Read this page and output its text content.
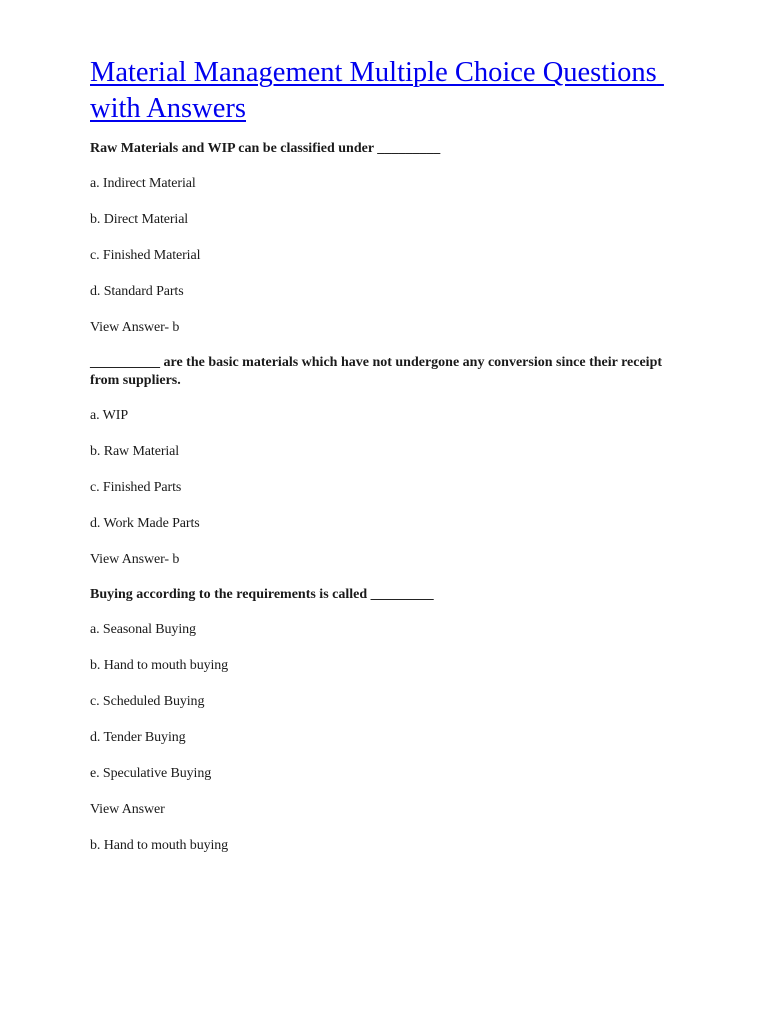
Material Management Multiple Choice Questions with Answers

Raw Materials and WIP can be classified under _________

a. Indirect Material

b. Direct Material

c. Finished Material

d. Standard Parts

View Answer- b

__________ are the basic materials which have not undergone any conversion since their receipt from suppliers.

a. WIP

b. Raw Material

c. Finished Parts

d. Work Made Parts

View Answer- b

Buying according to the requirements is called _________

a. Seasonal Buying

b. Hand to mouth buying

c. Scheduled Buying

d. Tender Buying

e. Speculative Buying

View Answer

b. Hand to mouth buying
